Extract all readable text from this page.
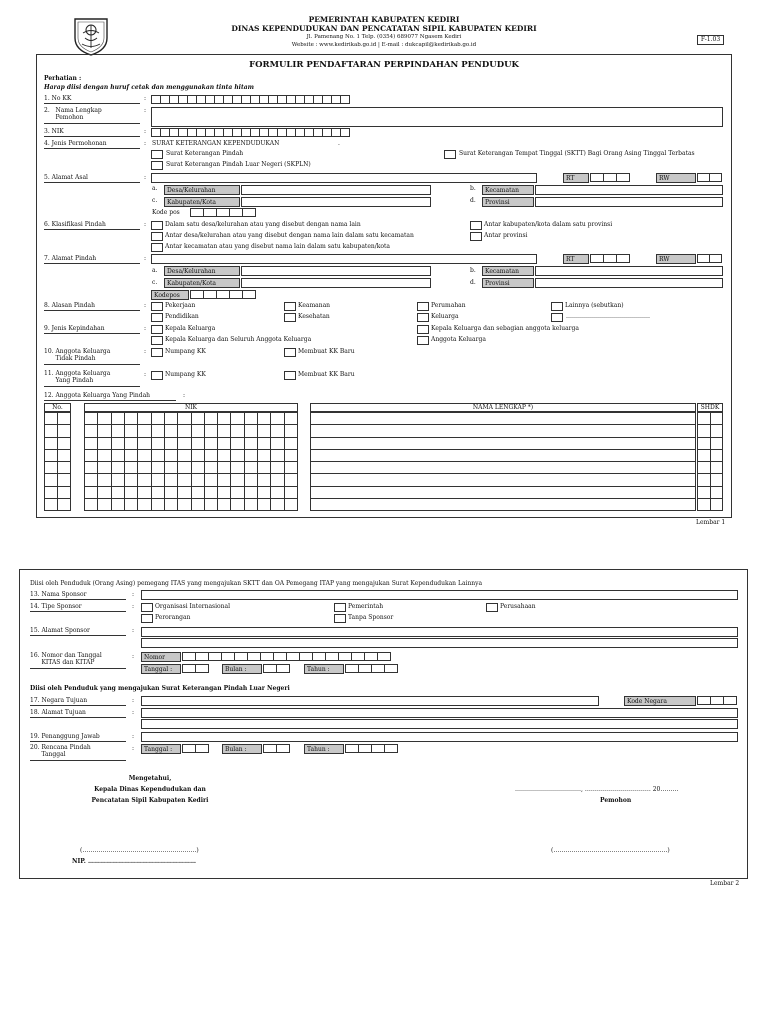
PEMERINTAH KABUPATEN KEDIRI
DINAS KEPENDUDUKAN DAN PENCATATAN SIPIL KABUPATEN KEDIRI
Jl. Pamenang No. 1 Telp. (0354) 689077 Ngasem Kediri
Website : www.kedirikab.go.id | E-mail : dukcapil@kedirikab.go.id
F-1.03
FORMULIR PENDAFTARAN PERPINDAHAN PENDUDUK
Perhatian :
Harap diisi dengan huruf cetak dan menggunakan tinta hitam
1. No KK	:
2.   Nama Lengkap
Pemohon
:
3. NIK	:
4. Jenis Permohonan	: SURAT KETERANGAN KEPENDUDUKAN	.
Surat Keterangan Pindah
Surat Keterangan Pindah Luar Negeri (SKPLN)
Surat Keterangan Tempat Tinggal (SKTT) Bagi Orang Asing Tinggal Terbatas
5. Alamat Asal	:	RT	RW
a. Desa/Kelurahan	b. Kecamatan
c. Kabupaten/Kota	d. Provinsi
Kode pos
6. Klasifikasi Pindah	:	Dalam satu desa/kelurahan atau yang disebut dengan nama lain
Antar desa/kelurahan atau yang disebut dengan nama lain dalam satu kecamatan
Antar kecamatan atau yang disebut nama lain dalam satu kabupaten/kota
Antar kabupaten/kota dalam satu provinsi
Antar provinsi
7. Alamat Pindah	:	RT	RW
a. Desa/Kelurahan	b. Kecamatan
c. Kabupaten/Kota	d. Provinsi
Kodepos
8. Alasan Pindah	:	Pekerjaan
Pendidikan
Keamanan
Kesehatan
Perumahan
Keluarga
Lainnya (sebutkan)
……………………………………
9. Jenis Kepindahan	:	Kepala Keluarga
Kepala Keluarga dan Seluruh Anggota Keluarga
Kepala Keluarga dan sebagian anggota keluarga
Anggota Keluarga
10. Anggota Keluarga
Tidak Pindah
:	Numpang KK	Membuat KK Baru
11. Anggota Keluarga
Yang Pindah
:	Numpang KK	Membuat KK Baru
12. Anggota Keluarga Yang Pindah	:
No.	NIK	NAMA LENGKAP *)	SHDK

Lembar 1
Diisi oleh Penduduk (Orang Asing) pemegang ITAS yang mengajukan SKTT dan OA Pemegang ITAP yang mengajukan Surat Kependudukan Lainnya
13. Nama Sponsor	:
14. Tipe Sponsor	:	Organisasi Internasional
Perorangan
Pemerintah
Tanpa Sponsor
Perusahaan
15. Alamat Sponsor	:
16. Nomor dan Tanggal
KITAS dan KITAP
: Nomor
Tanggal :	Bulan :	Tahun :
Diisi oleh Penduduk yang mengajukan Surat Keterangan Pindah Luar Negeri
17. Negara Tujuan	:	Kode Negara
18. Alamat Tujuan	:
19. Penanggung Jawab	:
20. Rencana Pindah
Tanggal
: Tanggal :	Bulan :	Tahun :
Mengetahui,
Kepala Dinas Kependudukan dan
Pencatatan Sipil Kabupaten Kediri
……………………………, …………………………… 20………
Pemohon
(…………………………………………………)
NIP. ………………………………………………
(…………………………………………………)
Lembar 2
